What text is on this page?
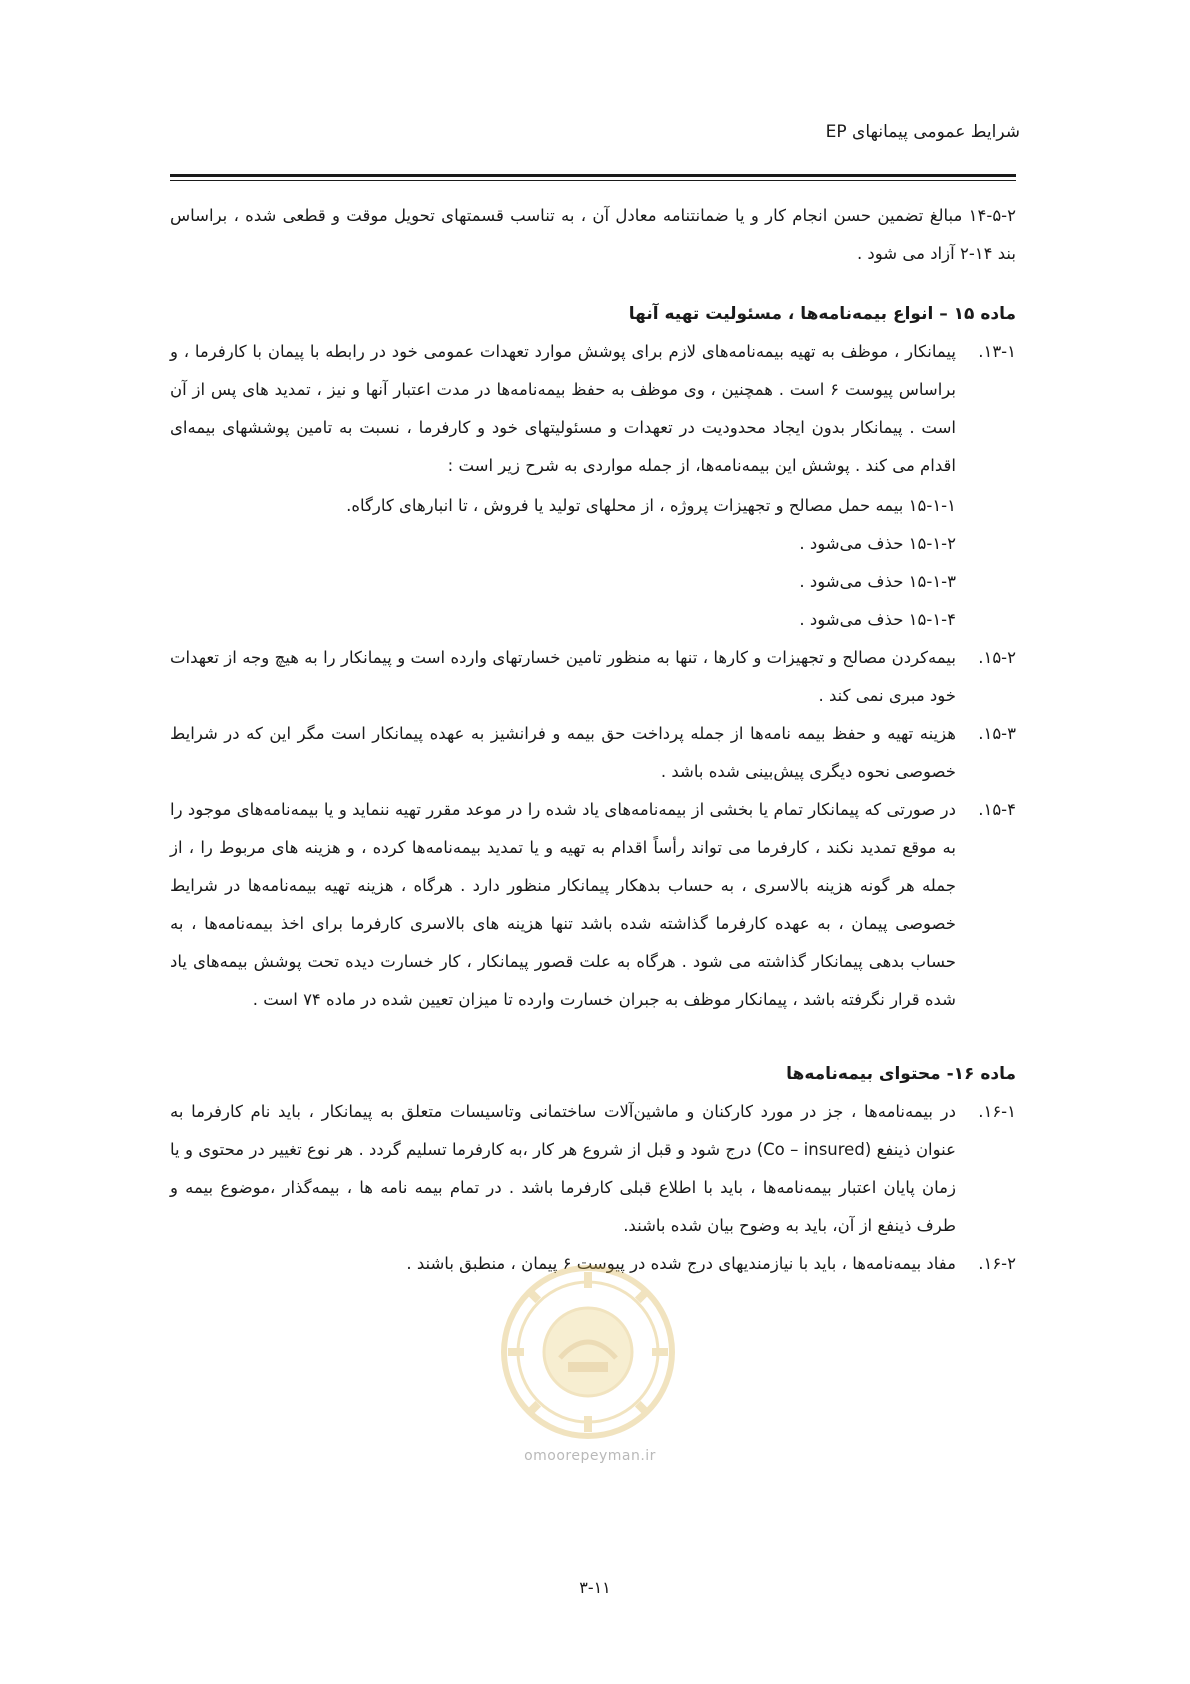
شرایط عمومی پیمانهای EP

۱۴-۵-۲ مبالغ تضمین حسن انجام کار و یا ضمانتنامه معادل آن ، به تناسب قسمتهای تحویل موقت و قطعی شده ، براساس بند ۱۴-۲ آزاد می شود .

ماده ۱۵ – انواع بیمه‌نامه‌ها ، مسئولیت تهیه آنها

۱۳-۱.
پیمانکار ، موظف به تهیه بیمه‌نامه‌های لازم برای پوشش موارد تعهدات عمومی خود در رابطه با پیمان با کارفرما ، و براساس پیوست ۶ است . همچنین ، وی موظف به حفظ بیمه‌نامه‌ها در مدت اعتبار آنها و نیز ، تمدید های پس از آن است . پیمانکار بدون ایجاد محدودیت در تعهدات و مسئولیتهای خود و کارفرما ، نسبت به تامین پوششهای بیمه‌ای اقدام می کند . پوشش این بیمه‌نامه‌ها، از جمله مواردی به شرح زیر است :
۱۵-۱-۱ بیمه حمل مصالح و تجهیزات پروژه ، از محلهای تولید یا فروش ، تا انبارهای کارگاه.
۱۵-۱-۲ حذف می‌شود .
۱۵-۱-۳ حذف می‌شود .
۱۵-۱-۴ حذف می‌شود .
۱۵-۲.
بیمه‌کردن مصالح و تجهیزات و کارها ، تنها به منظور تامین خسارتهای وارده است و پیمانکار را به هیچ وجه از تعهدات خود مبری نمی کند .
۱۵-۳.
هزینه تهیه و حفظ بیمه نامه‌ها از جمله پرداخت حق بیمه و فرانشیز به عهده پیمانکار است مگر این که در شرایط خصوصی نحوه دیگری پیش‌بینی شده باشد .
۱۵-۴.
در صورتی که پیمانکار تمام یا بخشی از بیمه‌نامه‌های یاد شده را در موعد مقرر تهیه ننماید و یا بیمه‌نامه‌های موجود را به موقع تمدید نکند ، کارفرما می تواند رأساً اقدام به تهیه و یا تمدید بیمه‌نامه‌ها کرده ، و هزینه های مربوط را ، از جمله هر گونه هزینه بالاسری ، به حساب بدهکار پیمانکار منظور دارد . هرگاه ، هزینه تهیه بیمه‌نامه‌ها در شرایط خصوصی پیمان ، به عهده کارفرما گذاشته شده باشد تنها هزینه های بالاسری کارفرما برای اخذ بیمه‌نامه‌ها ، به حساب بدهی پیمانکار گذاشته می شود . هرگاه به علت قصور پیمانکار ، کار خسارت دیده تحت پوشش بیمه‌های یاد شده قرار نگرفته باشد ، پیمانکار موظف به جبران خسارت وارده تا میزان تعیین شده در ماده ۷۴ است .

ماده ۱۶- محتوای بیمه‌نامه‌ها

۱۶-۱.
در بیمه‌نامه‌ها ، جز در مورد کارکنان و ماشین‌آلات ساختمانی وتاسیسات متعلق به پیمانکار ، باید نام کارفرما به عنوان ذینفع (Co – insured) درج شود و قبل از شروع هر کار ،به کارفرما تسلیم گردد . هر نوع تغییر در محتوی و یا زمان پایان اعتبار بیمه‌نامه‌ها ، باید با اطلاع قبلی کارفرما باشد . در تمام بیمه نامه ها ، بیمه‌گذار ،موضوع بیمه و طرف ذینفع از آن، باید به وضوح بیان شده باشند.
۱۶-۲.
مفاد بیمه‌نامه‌ها ، باید با نیازمندیهای درج شده در پیوست ۶ پیمان ، منطبق باشند .
omoorepeyman.ir
۳-۱۱
